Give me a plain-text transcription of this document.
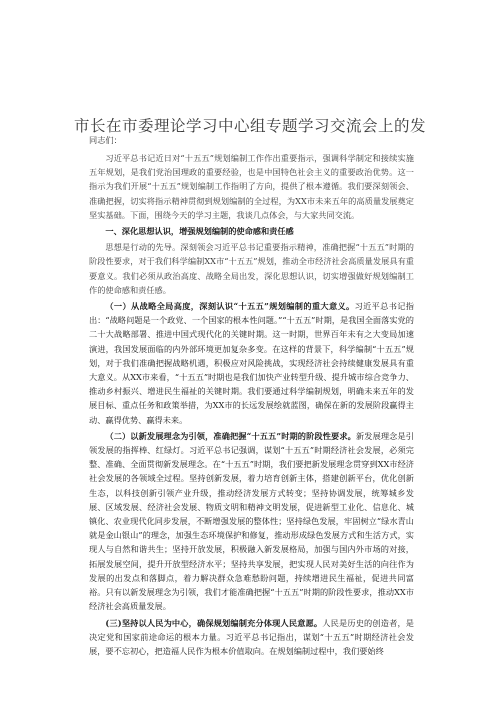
市长在市委理论学习中心组专题学习交流会上的发
同志们：

习近平总书记近日对“十五五”规划编制工作作出重要指示，强调科学制定和接续实施五年规划，是我们党治国理政的重要经验，也是中国特色社会主义的重要政治优势。这一指示为我们开展“十五五”规划编制工作指明了方向，提供了根本遵循。我们要深刻领会、准确把握，切实将指示精神贯彻到规划编制的全过程，为XX市未来五年的高质量发展奠定坚实基础。下面，围绕今天的学习主题，我谈几点体会，与大家共同交流。

一、深化思想认识，增强规划编制的使命感和责任感

思想是行动的先导。深刻领会习近平总书记重要指示精神，准确把握“十五五”时期的阶段性要求，对于我们科学编制XX市“十五五”规划，推动全市经济社会高质量发展具有重要意义。我们必须从政治高度、战略全局出发，深化思想认识，切实增强做好规划编制工作的使命感和责任感。

（一）从战略全局高度，深刻认识“十五五”规划编制的重大意义。习近平总书记指出：“战略问题是一个政党、一个国家的根本性问题。”“十五五”时期，是我国全面落实党的二十大战略部署、推进中国式现代化的关键时期。这一时期，世界百年未有之大变局加速演进，我国发展面临的内外部环境更加复杂多变。在这样的背景下，科学编制“十五五”规划，对于我们准确把握战略机遇，积极应对风险挑战，实现经济社会持续健康发展具有重大意义。从XX市来看，“十五五”时期也是我们加快产业转型升级、提升城市综合竞争力、推动乡村振兴、增进民生福祉的关键时期。我们要通过科学编制规划，明确未来五年的发展目标、重点任务和政策举措，为XX市的长远发展绘就蓝图，确保在新的发展阶段赢得主动、赢得优势、赢得未来。

（二）以新发展理念为引领，准确把握“十五五”时期的阶段性要求。新发展理念是引领发展的指挥棒、红绿灯。习近平总书记强调，谋划“十五五”时期经济社会发展，必须完整、准确、全面贯彻新发展理念。在“十五五”时期，我们要把新发展理念贯穿到XX市经济社会发展的各领域全过程。坚持创新发展，着力培育创新主体，搭建创新平台，优化创新生态，以科技创新引领产业升级，推动经济发展方式转变；坚持协调发展，统筹城乡发展、区域发展、经济社会发展、物质文明和精神文明发展，促进新型工业化、信息化、城镇化、农业现代化同步发展，不断增强发展的整体性；坚持绿色发展，牢固树立“绿水青山就是金山银山”的理念，加强生态环境保护和修复，推动形成绿色发展方式和生活方式，实现人与自然和谐共生；坚持开放发展，积极融入新发展格局，加强与国内外市场的对接，拓展发展空间，提升开放型经济水平；坚持共享发展，把实现人民对美好生活的向往作为发展的出发点和落脚点，着力解决群众急难愁盼问题，持续增进民生福祉，促进共同富裕。只有以新发展理念为引领，我们才能准确把握“十五五”时期的阶段性要求，推动XX市经济社会高质量发展。

(三)坚持以人民为中心，确保规划编制充分体现人民意愿。人民是历史的创造者，是决定党和国家前途命运的根本力量。习近平总书记指出，谋划“十五五”时期经济社会发展，要不忘初心，把造福人民作为根本价值取向。在规划编制过程中，我们要始终
